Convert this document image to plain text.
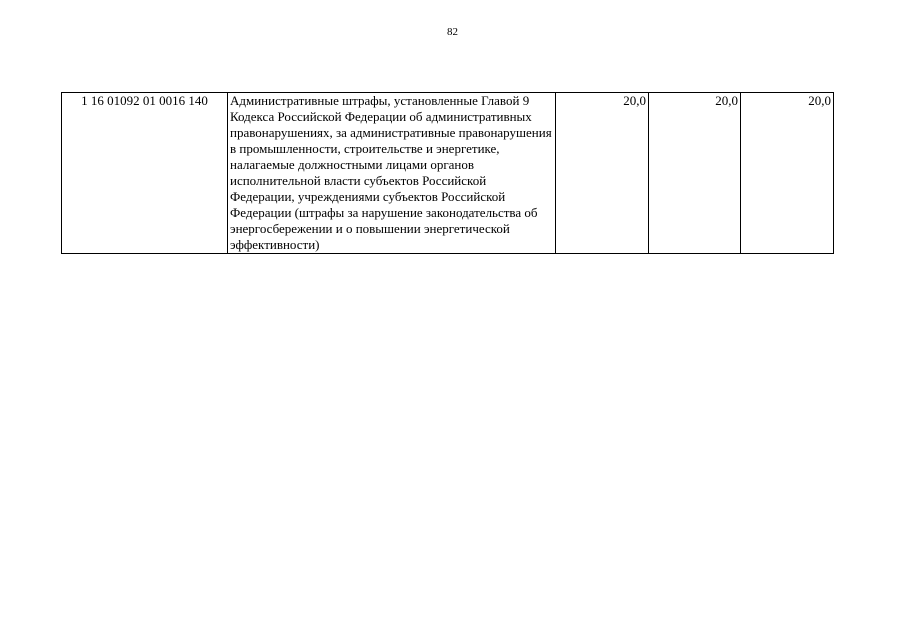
82
1 16 01092 01 0016 140	Административные штрафы, установленные Главой 9 Кодекса Российской Федерации об административных правонарушениях, за административные правонарушения в промышленности, строительстве и энергетике, налагаемые должностными лицами органов исполнительной власти субъектов Российской Федерации, учреждениями субъектов Российской Федерации (штрафы за нарушение законодательства об энергосбережении и о повышении энергетической эффективности)	20,0	20,0	20,0
